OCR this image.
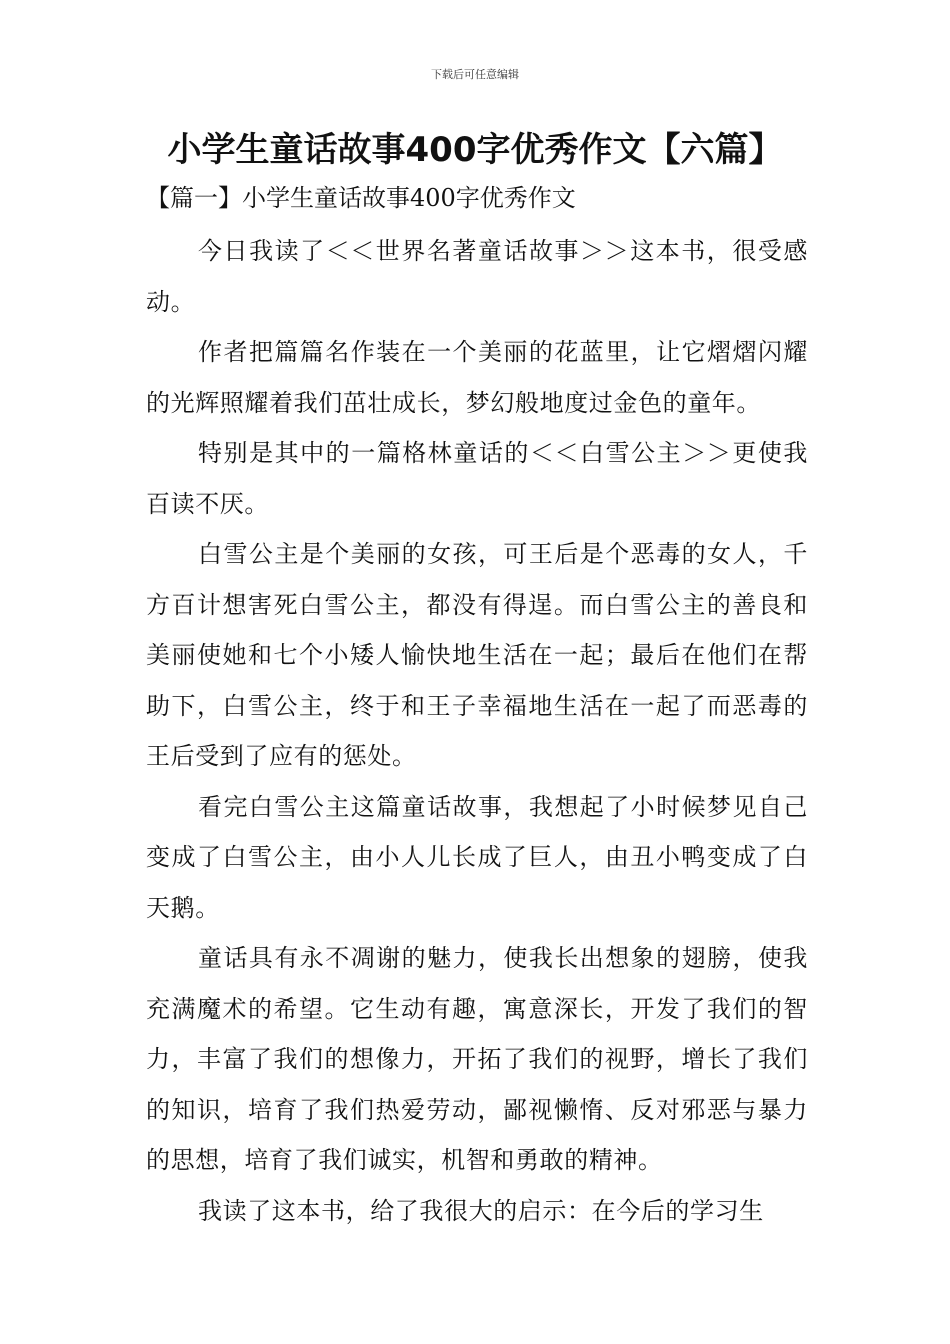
下载后可任意编辑
小学生童话故事400字优秀作文【六篇】
【篇一】小学生童话故事400字优秀作文

今日我读了＜＜世界名著童话故事＞＞这本书，很受感动。

作者把篇篇名作装在一个美丽的花蓝里，让它熠熠闪耀的光辉照耀着我们茁壮成长，梦幻般地度过金色的童年。

特别是其中的一篇格林童话的＜＜白雪公主＞＞更使我百读不厌。

白雪公主是个美丽的女孩，可王后是个恶毒的女人，千方百计想害死白雪公主，都没有得逞。而白雪公主的善良和美丽使她和七个小矮人愉快地生活在一起；最后在他们在帮助下，白雪公主，终于和王子幸福地生活在一起了而恶毒的王后受到了应有的惩处。

看完白雪公主这篇童话故事，我想起了小时候梦见自己变成了白雪公主，由小人儿长成了巨人，由丑小鸭变成了白天鹅。

童话具有永不凋谢的魅力，使我长出想象的翅膀，使我充满魔术的希望。它生动有趣，寓意深长，开发了我们的智力，丰富了我们的想像力，开拓了我们的视野，增长了我们的知识，培育了我们热爱劳动，鄙视懒惰、反对邪恶与暴力的思想，培育了我们诚实，机智和勇敢的精神。

我读了这本书，给了我很大的启示：在今后的学习生
